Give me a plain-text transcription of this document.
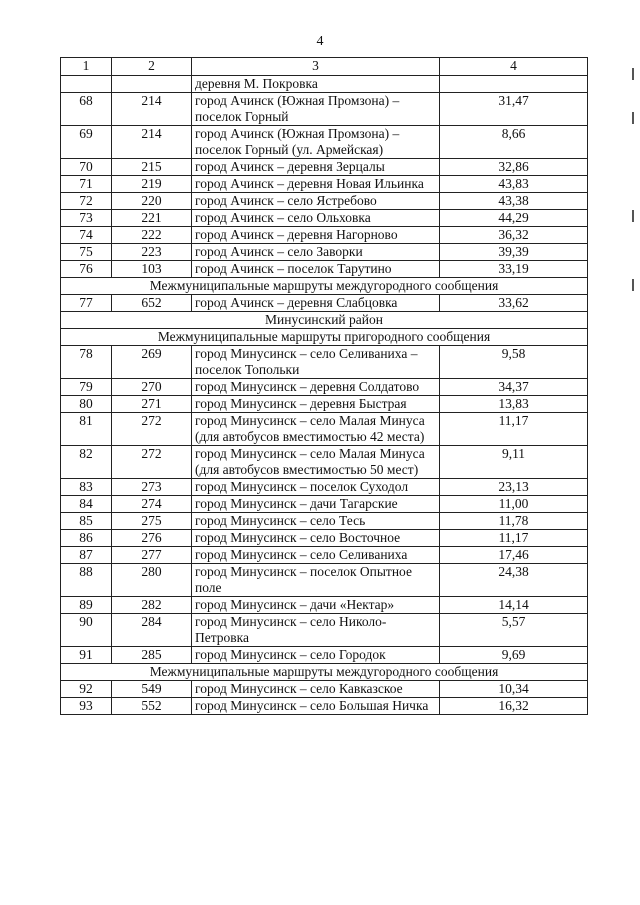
4
1	2	3	4
		деревня М. Покровка	
68	214	город Ачинск (Южная Промзона) – поселок Горный	31,47
69	214	город Ачинск (Южная Промзона) – поселок Горный (ул. Армейская)	8,66
70	215	город Ачинск – деревня Зерцалы	32,86
71	219	город Ачинск – деревня Новая Ильинка	43,83
72	220	город Ачинск – село Ястребово	43,38
73	221	город Ачинск – село Ольховка	44,29
74	222	город Ачинск – деревня Нагорново	36,32
75	223	город Ачинск – село Заворки	39,39
76	103	город Ачинск – поселок Тарутино	33,19
Межмуниципальные маршруты междугородного сообщения			
77	652	город Ачинск – деревня Слабцовка	33,62
Минусинский район			
Межмуниципальные маршруты пригородного сообщения			
78	269	город Минусинск – село Селиваниха – поселок Топольки	9,58
79	270	город Минусинск – деревня Солдатово	34,37
80	271	город Минусинск – деревня Быстрая	13,83
81	272	город Минусинск – село Малая Минуса (для автобусов вместимостью 42 места)	11,17
82	272	город Минусинск – село Малая Минуса (для автобусов вместимостью 50 мест)	9,11
83	273	город Минусинск – поселок Суходол	23,13
84	274	город Минусинск – дачи Тагарские	11,00
85	275	город Минусинск – село Тесь	11,78
86	276	город Минусинск – село Восточное	11,17
87	277	город Минусинск – село Селиваниха	17,46
88	280	город Минусинск – поселок Опытное поле	24,38
89	282	город Минусинск – дачи «Нектар»	14,14
90	284	город Минусинск – село Николо-Петровка	5,57
91	285	город Минусинск – село Городок	9,69
Межмуниципальные маршруты междугородного сообщения			
92	549	город Минусинск – село Кавказское	10,34
93	552	город Минусинск – село Большая Ничка	16,32
